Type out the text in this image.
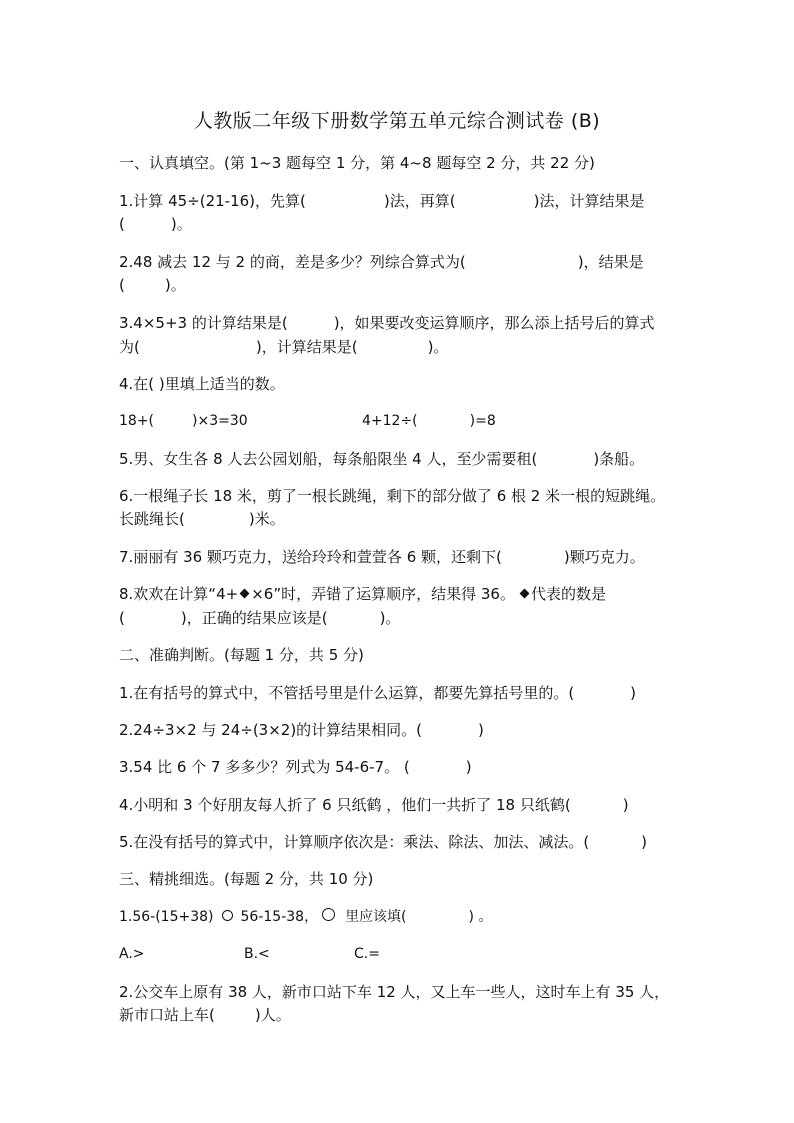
人教版二年级下册数学第五单元综合测试卷 (B)
一、认真填空。(第 1~3 题每空 1 分，第 4~8 题每空 2 分，共 22 分)
1.计算 45÷(21-16)，先算(	)法，再算(	)法，计算结果是
(	)。
2.48 减去 12 与 2 的商，差是多少？列综合算式为(	)，结果是
(	)。
3.4×5+3 的计算结果是(	)，如果要改变运算顺序，那么添上括号后的算式
为(	)，计算结果是(	)。
4.在( )里填上适当的数。
18+(	)×3=30	4+12÷(	)=8
5.男、女生各 8 人去公园划船，每条船限坐 4 人，至少需要租(	)条船。
6.一根绳子长 18 米，剪了一根长跳绳，剩下的部分做了 6 根 2 米一根的短跳绳。
长跳绳长(	)米。
7.丽丽有 36 颗巧克力，送给玲玲和萱萱各 6 颗，还剩下(	)颗巧克力。
8.欢欢在计算“4+ ×6”时，弄错了运算顺序，结果得 36。 代表的数是
(	)，正确的结果应该是(	)。
二、准确判断。(每题 1 分，共 5 分)
1.在有括号的算式中，不管括号里是什么运算，都要先算括号里的。(	)
2.24÷3×2 与 24÷(3×2)的计算结果相同。(	)
3.54 比 6 个 7 多多少？列式为 54-6-7。 (	)
4.小明和 3 个好朋友每人折了 6 只纸鹤 ，他们一共折了 18 只纸鹤(	)
5.在没有括号的算式中，计算顺序依次是：乘法、除法、加法、减法。(	)
三、精挑细选。(每题 2 分，共 10 分)
1.56-(15+38) 56-15-38， 里应该填(	) 。
A.>	B.<	C.=
2.公交车上原有 38 人，新市口站下车 12 人，又上车一些人，这时车上有 35 人，
新市口站上车(	)人。
